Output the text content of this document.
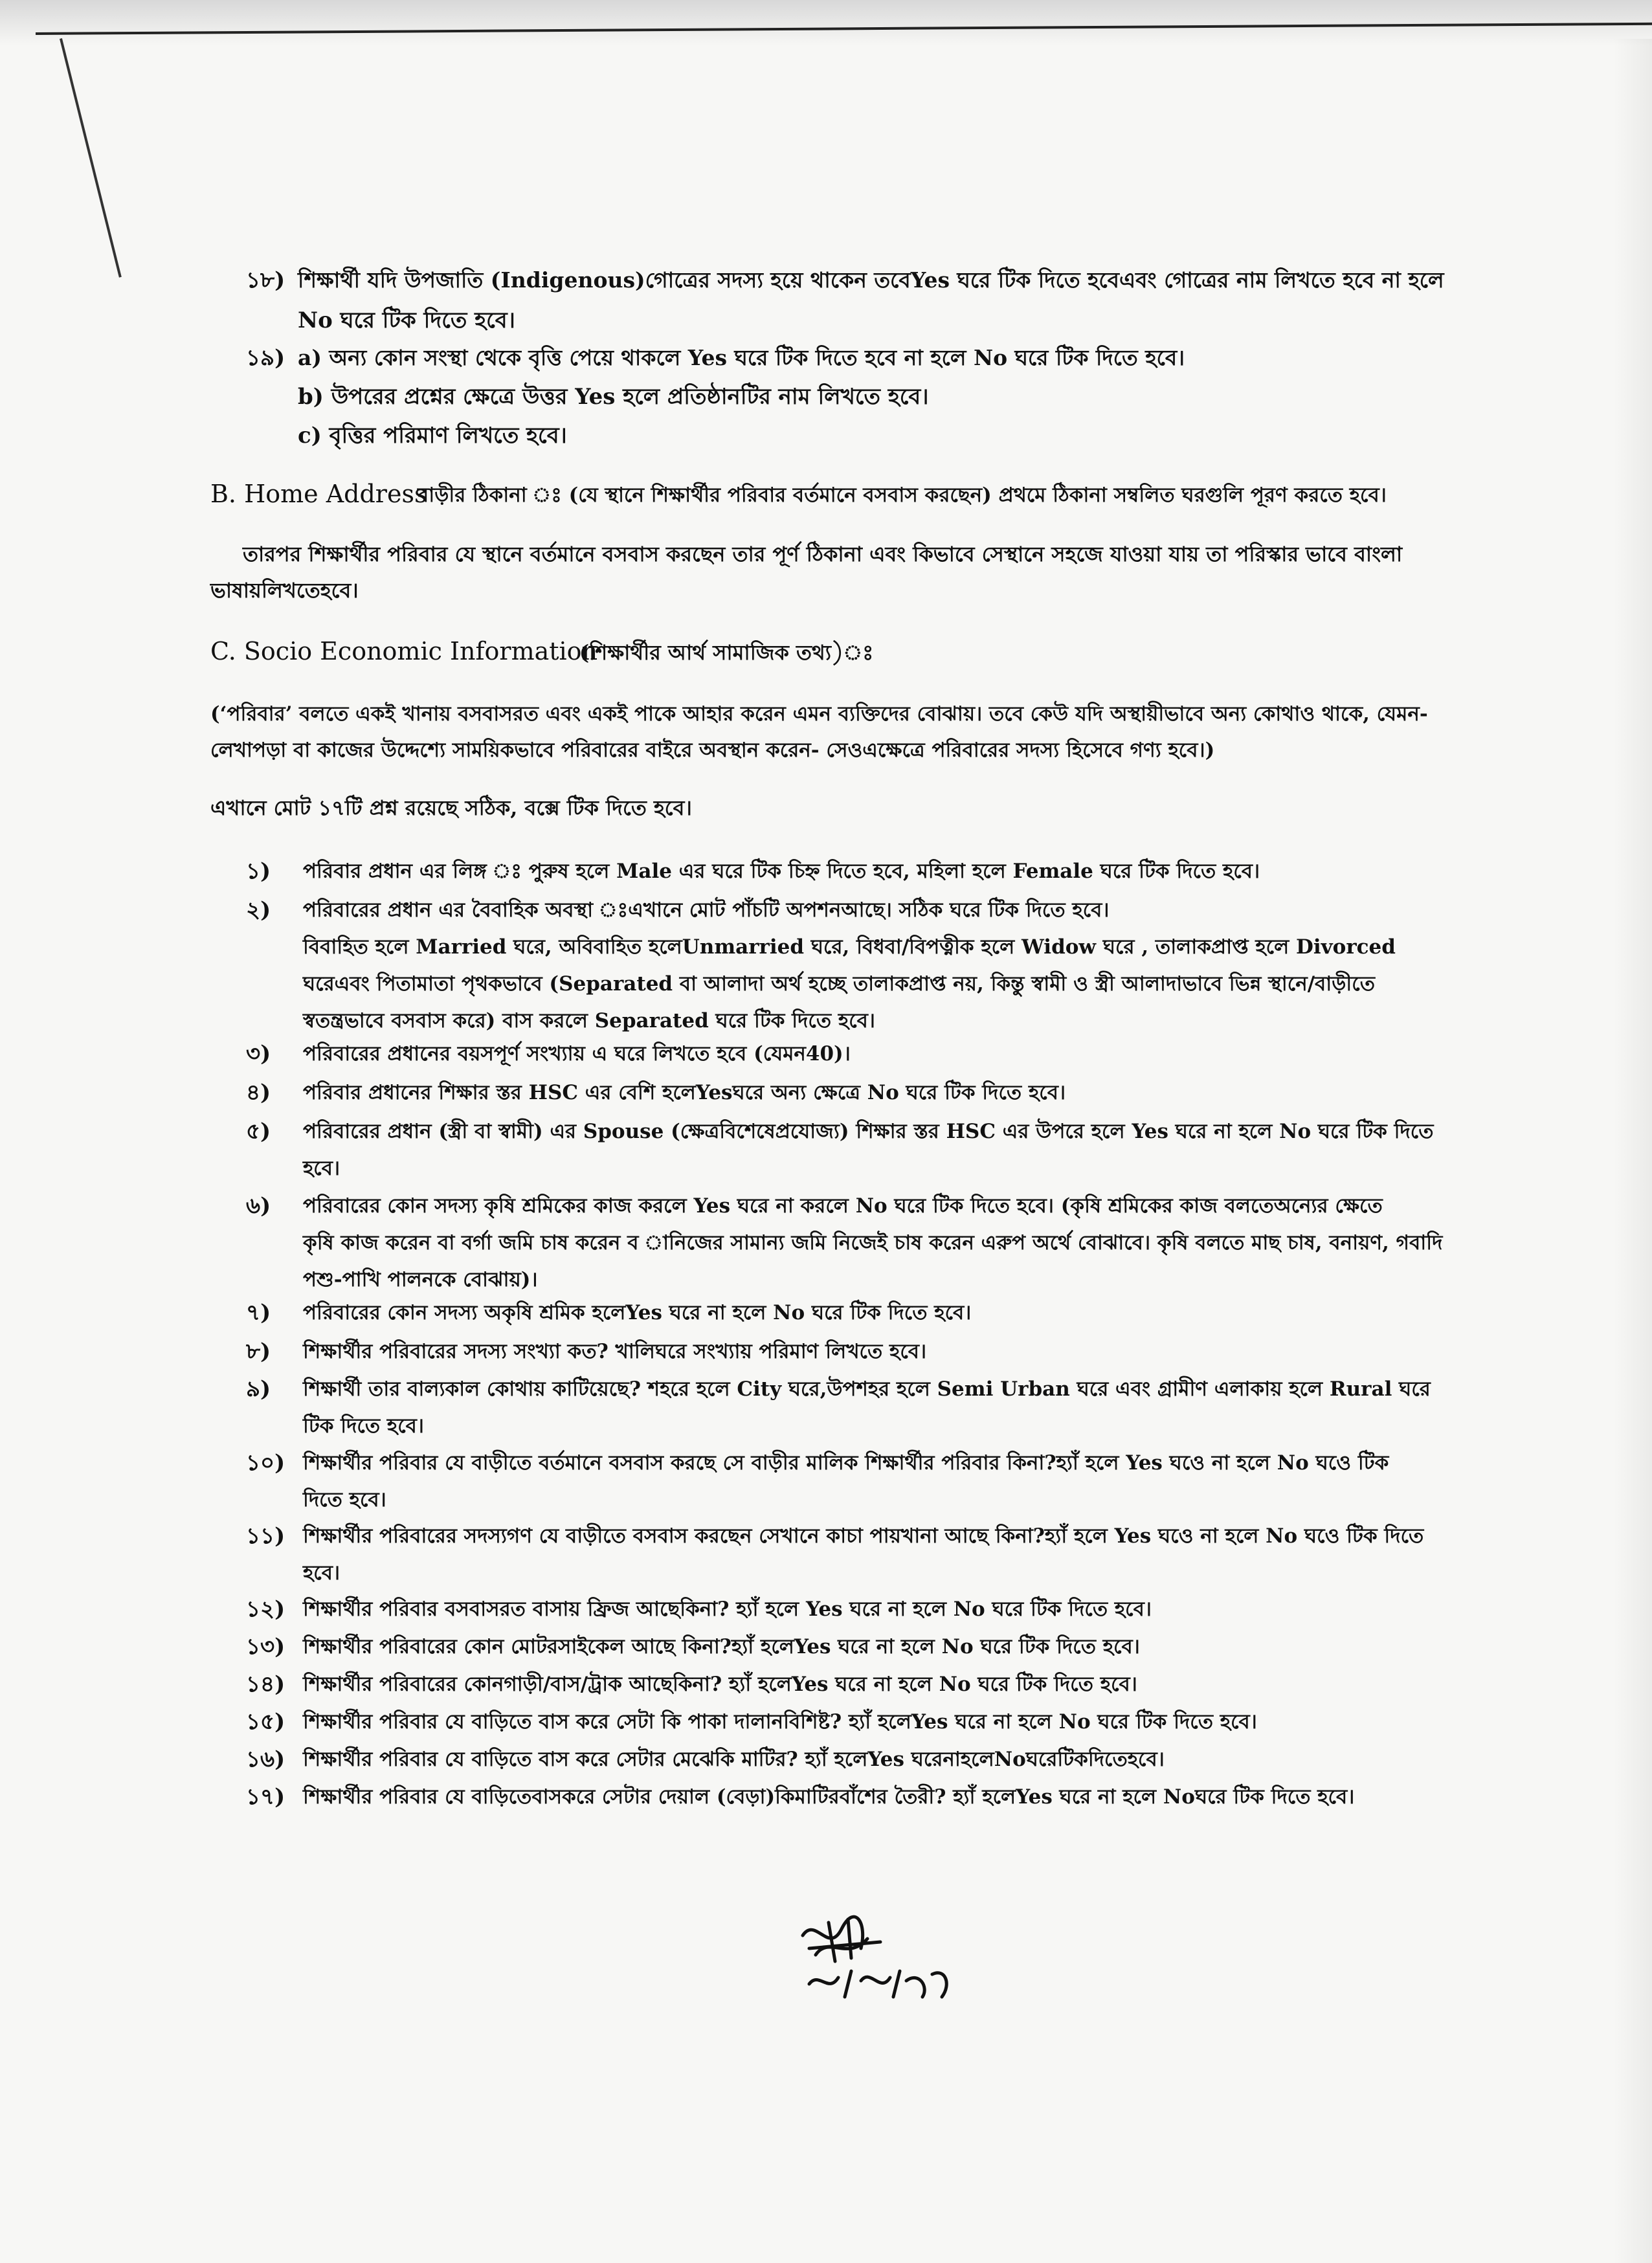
১৮) শিক্ষার্থী যদি উপজাতি (Indigenous)গোত্রের সদস্য হয়ে থাকেন তবেYes ঘরে টিক দিতে হবেএবং গোত্রের নাম লিখতে হবে না হলে
No ঘরে টিক দিতে হবে।
১৯) a) অন্য কোন সংস্থা থেকে বৃত্তি পেয়ে থাকলে Yes ঘরে টিক দিতে হবে না হলে No ঘরে টিক দিতে হবে।
b) উপরের প্রশ্নের ক্ষেত্রে উত্তর Yes হলে প্রতিষ্ঠানটির নাম লিখতে হবে।
c) বৃত্তির পরিমাণ লিখতে হবে।
B. Home Address
বাড়ীর ঠিকানা ঃ (যে স্থানে শিক্ষার্থীর পরিবার বর্তমানে বসবাস করছেন) প্রথমে ঠিকানা সম্বলিত ঘরগুলি পূরণ করতে হবে।
তারপর শিক্ষার্থীর পরিবার যে স্থানে বর্তমানে বসবাস করছেন তার পূর্ণ ঠিকানা এবং কিভাবে সেস্থানে সহজে যাওয়া যায় তা পরিস্কার ভাবে বাংলা
ভাষায়লিখতেহবে।
C. Socio Economic Information
(শিক্ষার্থীর আর্থ সামাজিক তথ্য)ঃ
(‘পরিবার’ বলতে একই খানায় বসবাসরত এবং একই পাকে আহার করেন এমন ব্যক্তিদের বোঝায়। তবে কেউ যদি অস্থায়ীভাবে অন্য কোথাও থাকে, যেমন-
লেখাপড়া বা কাজের উদ্দেশ্যে সাময়িকভাবে পরিবারের বাইরে অবস্থান করেন- সেওএক্ষেত্রে পরিবারের সদস্য হিসেবে গণ্য হবে।)
এখানে মোট ১৭টি প্রশ্ন রয়েছে সঠিক, বক্সে টিক দিতে হবে।
১)	পরিবার প্রধান এর লিঙ্গ ঃ পুরুষ হলে Male এর ঘরে টিক চিহ্ন দিতে হবে, মহিলা হলে Female ঘরে টিক দিতে হবে।
২)	পরিবারের প্রধান এর বৈবাহিক অবস্থা ঃএখানে মোট পাঁচটি অপশনআছে। সঠিক ঘরে টিক দিতে হবে।
বিবাহিত হলে Married ঘরে, অবিবাহিত হলেUnmarried ঘরে, বিধবা/বিপত্নীক হলে Widow ঘরে , তালাকপ্রাপ্ত হলে Divorced
ঘরেএবং পিতামাতা পৃথকভাবে (Separated বা আলাদা অর্থ হচ্ছে তালাকপ্রাপ্ত নয়, কিন্তু স্বামী ও স্ত্রী আলাদাভাবে ভিন্ন স্থানে/বাড়ীতে
স্বতন্ত্রভাবে বসবাস করে) বাস করলে Separated ঘরে টিক দিতে হবে।
৩)	পরিবারের প্রধানের বয়সপূর্ণ সংখ্যায় এ ঘরে লিখতে হবে (যেমন40)।
৪)	পরিবার প্রধানের শিক্ষার স্তর HSC এর বেশি হলেYesঘরে অন্য ক্ষেত্রে No ঘরে টিক দিতে হবে।
৫)	পরিবারের প্রধান (স্ত্রী বা স্বামী) এর Spouse (ক্ষেত্রবিশেষেপ্রযোজ্য) শিক্ষার স্তর HSC এর উপরে হলে Yes ঘরে না হলে No ঘরে টিক দিতে
হবে।
৬)	পরিবারের কোন সদস্য কৃষি শ্রমিকের কাজ করলে Yes ঘরে না করলে No ঘরে টিক দিতে হবে। (কৃষি শ্রমিকের কাজ বলতেঅন্যের ক্ষেতে
কৃষি কাজ করেন বা বর্গা জমি চাষ করেন ব ানিজের সামান্য জমি নিজেই চাষ করেন এরুপ অর্থে বোঝাবে। কৃষি বলতে মাছ চাষ, বনায়ণ, গবাদি
পশু-পাখি পালনকে বোঝায়)।
৭)	পরিবারের কোন সদস্য অকৃষি শ্রমিক হলেYes ঘরে না হলে No ঘরে টিক দিতে হবে।
৮)	শিক্ষার্থীর পরিবারের সদস্য সংখ্যা কত? খালিঘরে সংখ্যায় পরিমাণ লিখতে হবে।
৯)	শিক্ষার্থী তার বাল্যকাল কোথায় কাটিয়েছে? শহরে হলে City ঘরে,উপশহর হলে Semi Urban ঘরে এবং গ্রামীণ এলাকায় হলে Rural ঘরে
টিক দিতে হবে।
১০) শিক্ষার্থীর পরিবার যে বাড়ীতে বর্তমানে বসবাস করছে সে বাড়ীর মালিক শিক্ষার্থীর পরিবার কিনা?হ্যাঁ হলে Yes ঘওে না হলে No ঘওে টিক
দিতে হবে।
১১) শিক্ষার্থীর পরিবারের সদস্যগণ যে বাড়ীতে বসবাস করছেন সেখানে কাচা পায়খানা আছে কিনা?হ্যাঁ হলে Yes ঘওে না হলে No ঘওে টিক দিতে
হবে।
১২) শিক্ষার্থীর পরিবার বসবাসরত বাসায় ফ্রিজ আছেকিনা? হ্যাঁ হলে Yes ঘরে না হলে No ঘরে টিক দিতে হবে।
১৩) শিক্ষার্থীর পরিবারের কোন মোটরসাইকেল আছে কিনা?হ্যাঁ হলেYes ঘরে না হলে No ঘরে টিক দিতে হবে।
১৪) শিক্ষার্থীর পরিবারের কোনগাড়ী/বাস/ট্রাক আছেকিনা? হ্যাঁ হলেYes ঘরে না হলে No ঘরে টিক দিতে হবে।
১৫) শিক্ষার্থীর পরিবার যে বাড়িতে বাস করে সেটা কি পাকা দালানবিশিষ্ট? হ্যাঁ হলেYes ঘরে না হলে No ঘরে টিক দিতে হবে।
১৬) শিক্ষার্থীর পরিবার যে বাড়িতে বাস করে সেটার মেঝেকি মাটির? হ্যাঁ হলেYes ঘরেনাহলেNoঘরেটিকদিতেহবে।
১৭) শিক্ষার্থীর পরিবার যে বাড়িতেবাসকরে সেটার দেয়াল (বেড়া)কিমাটিরবাঁশের তৈরী? হ্যাঁ হলেYes ঘরে না হলে Noঘরে টিক দিতে হবে।
